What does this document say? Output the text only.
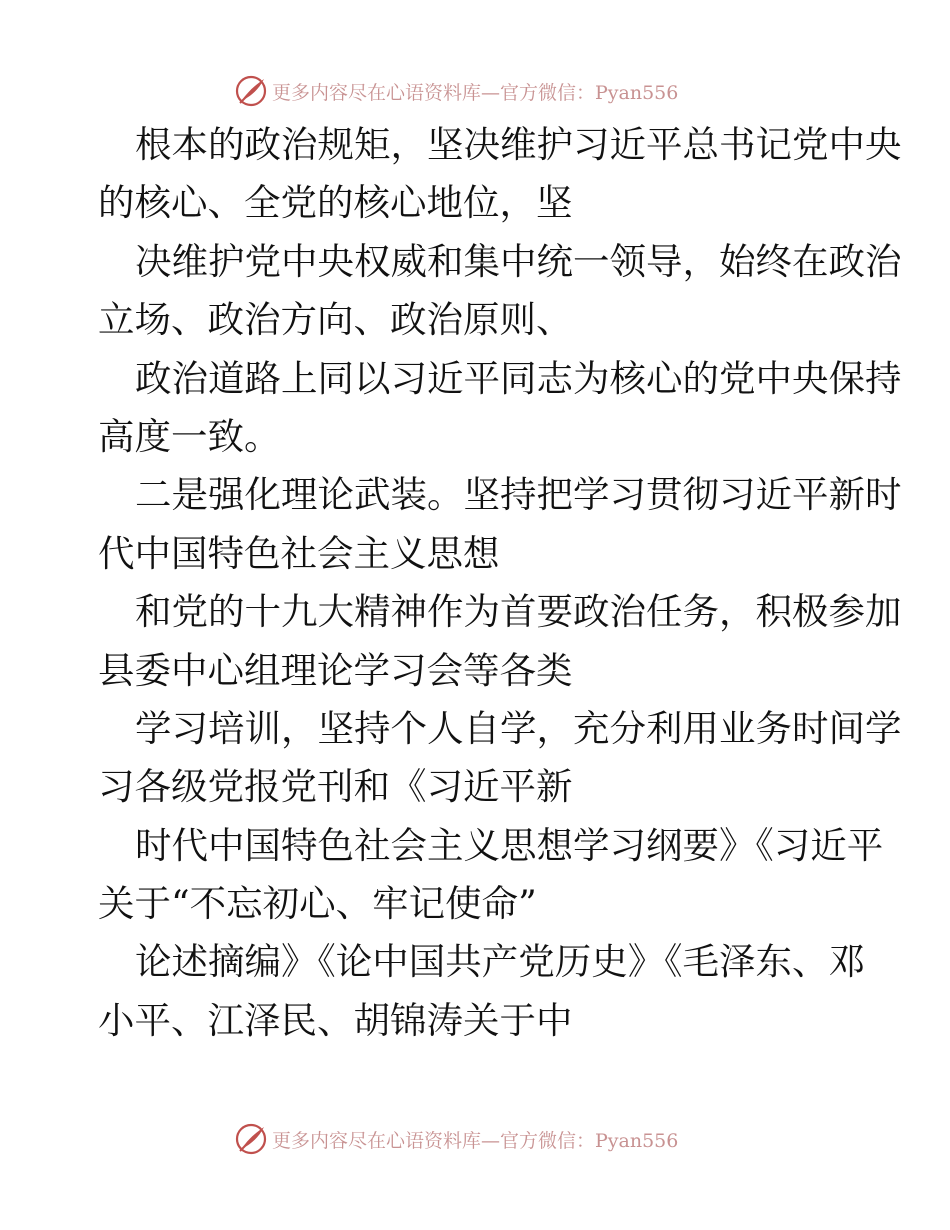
更多内容尽在心语资料库—官方微信：Pyan556
根本的政治规矩，坚决维护习近平总书记党中央
的核心、全党的核心地位，坚
决维护党中央权威和集中统一领导，始终在政治
立场、政治方向、政治原则、
政治道路上同以习近平同志为核心的党中央保持
高度一致。
二是强化理论武装。坚持把学习贯彻习近平新时
代中国特色社会主义思想
和党的十九大精神作为首要政治任务，积极参加
县委中心组理论学习会等各类
学习培训，坚持个人自学，充分利用业务时间学
习各级党报党刊和《习近平新
时代中国特色社会主义思想学习纲要》《习近平
关于“不忘初心、牢记使命”
论述摘编》《论中国共产党历史》《毛泽东、邓
小平、江泽民、胡锦涛关于中
更多内容尽在心语资料库—官方微信：Pyan556
